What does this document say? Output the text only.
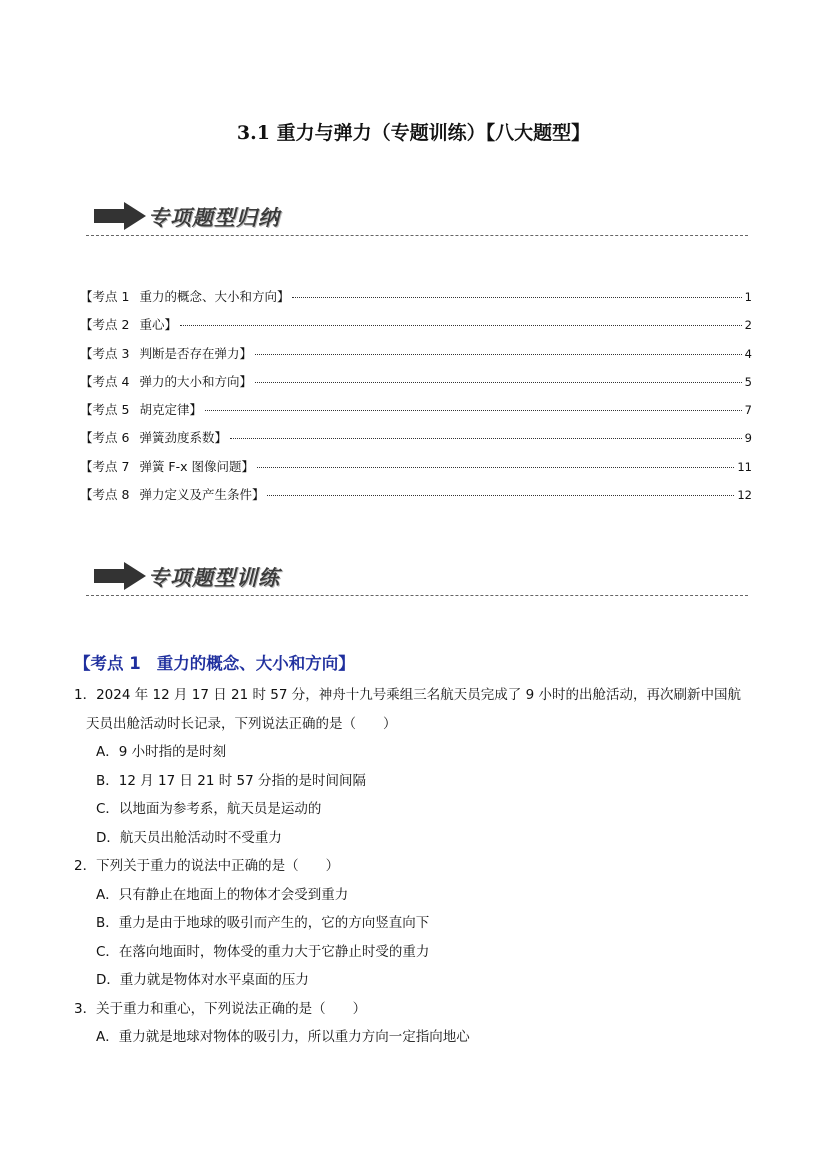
3.1 重力与弹力（专题训练）【八大题型】
专项题型归纳
【考点 1 重力的概念、大小和方向 】	1
【考点 2 重心 】	2
【考点 3 判断是否存在弹力 】	4
【考点 4 弹力的大小和方向 】	5
【考点 5 胡克定律 】	7
【考点 6 弹簧劲度系数 】	9
【考点 7 弹簧 F-x 图像问题 】	11
【考点 8 弹力定义及产生条件 】	12
专项题型训练
【考点 1 重力的概念、大小和方向】
1．2024 年 12 月 17 日 21 时 57 分，神舟十九号乘组三名航天员完成了 9 小时的出舱活动，再次刷新中国航
天员出舱活动时长记录，下列说法正确的是（　　）
A．9 小时指的是时刻
B．12 月 17 日 21 时 57 分指的是时间间隔
C．以地面为参考系，航天员是运动的
D．航天员出舱活动时不受重力
2．下列关于重力的说法中正确的是（　　）
A．只有静止在地面上的物体才会受到重力
B．重力是由于地球的吸引而产生的，它的方向竖直向下
C．在落向地面时，物体受的重力大于它静止时受的重力
D．重力就是物体对水平桌面的压力
3．关于重力和重心，下列说法正确的是（　　）
A．重力就是地球对物体的吸引力，所以重力方向一定指向地心
